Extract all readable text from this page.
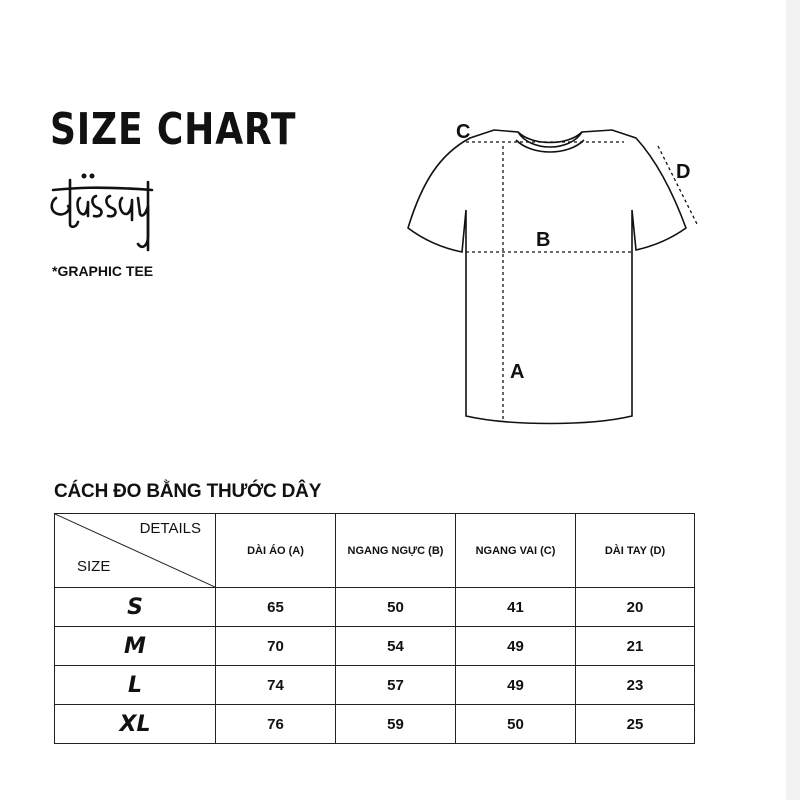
SIZE CHART
Stüssy
*GRAPHIC TEE
C
D
B
A
CÁCH ĐO BẰNG THƯỚC DÂY
DETAILS
SIZE	DÀI ÁO (A)	NGANG NGỰC (B)	NGANG VAI (C)	DÀI TAY (D)
S	65	50	41	20
M	70	54	49	21
L	74	57	49	23
XL	76	59	50	25
